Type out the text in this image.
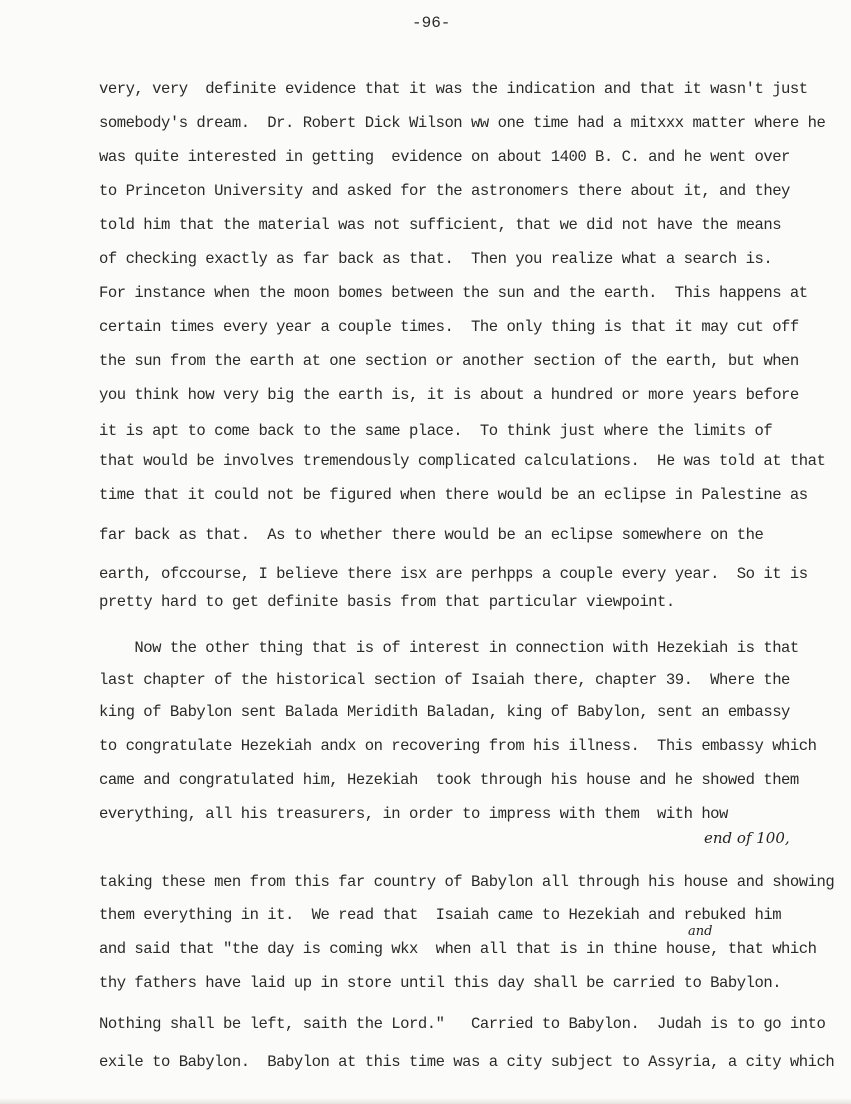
-96-
very, very  definite evidence that it was the indication and that it wasn't just
somebody's dream.  Dr. Robert Dick Wilson ww one time had a mitxxx matter where he
was quite interested in getting  evidence on about 1400 B. C. and he went over
to Princeton University and asked for the astronomers there about it, and they
told him that the material was not sufficient, that we did not have the means
of checking exactly as far back as that.  Then you realize what a search is.
For instance when the moon bomes between the sun and the earth.  This happens at
certain times every year a couple times.  The only thing is that it may cut off
the sun from the earth at one section or another section of the earth, but when
you think how very big the earth is, it is about a hundred or more years before
it is apt to come back to the same place.  To think just where the limits of
that would be involves tremendously complicated calculations.  He was told at that
time that it could not be figured when there would be an eclipse in Palestine as
far back as that.  As to whether there would be an eclipse somewhere on the
earth, ofccourse, I believe there isx are perhpps a couple every year.  So it is
pretty hard to get definite basis from that particular viewpoint.
Now the other thing that is of interest in connection with Hezekiah is that
last chapter of the historical section of Isaiah there, chapter 39.  Where the
king of Babylon sent Balada Meridith Baladan, king of Babylon, sent an embassy
to congratulate Hezekiah andx on recovering from his illness.  This embassy which
came and congratulated him, Hezekiah  took through his house and he showed them
everything, all his treasurers, in order to impress with them  with how
end of 100,
taking these men from this far country of Babylon all through his house and showing
them everything in it.  We read that  Isaiah came to Hezekiah and rebuked him
and
and said that "the day is coming wkx  when all that is in thine house, that which
thy fathers have laid up in store until this day shall be carried to Babylon.
Nothing shall be left, saith the Lord."   Carried to Babylon.  Judah is to go into
exile to Babylon.  Babylon at this time was a city subject to Assyria, a city which
